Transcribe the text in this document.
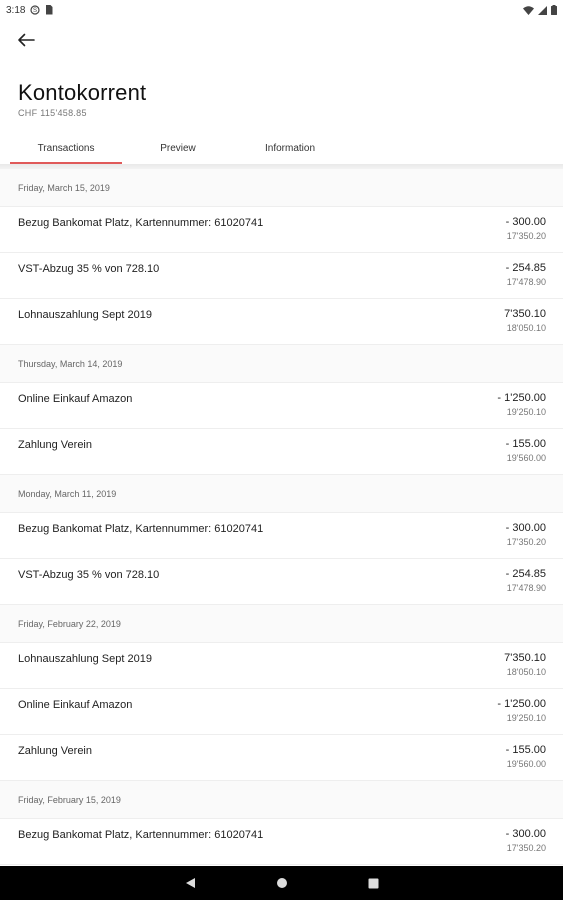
3:18 S
Kontokorrent
CHF 115'458.85
Transactions	Preview	Information
Friday, March 15, 2019
Bezug Bankomat Platz, Kartennummer: 61020741	- 300.00
17'350.20
VST-Abzug 35 % von 728.10	- 254.85
17'478.90
Lohnauszahlung Sept 2019	7'350.10
18'050.10
Thursday, March 14, 2019
Online Einkauf Amazon	- 1'250.00
19'250.10
Zahlung Verein	- 155.00
19'560.00
Monday, March 11, 2019
Bezug Bankomat Platz, Kartennummer: 61020741	- 300.00
17'350.20
VST-Abzug 35 % von 728.10	- 254.85
17'478.90
Friday, February 22, 2019
Lohnauszahlung Sept 2019	7'350.10
18'050.10
Online Einkauf Amazon	- 1'250.00
19'250.10
Zahlung Verein	- 155.00
19'560.00
Friday, February 15, 2019
Bezug Bankomat Platz, Kartennummer: 61020741	- 300.00
17'350.20
